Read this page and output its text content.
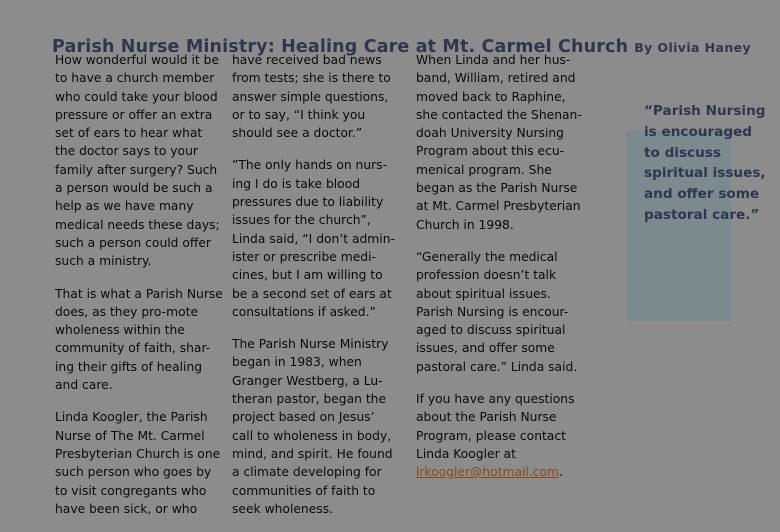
Parish Nurse Ministry: Healing Care at Mt. Carmel Church By Olivia Haney

How wonderful would it be to have a church member who could take your blood pressure or offer an extra set of ears to hear what the doctor says to your family after surgery? Such a person would be such a help as we have many medical needs these days; such a person could offer such a ministry.

That is what a Parish Nurse does, as they pro-mote wholeness within the community of faith, shar-ing their gifts of healing and care.

Linda Koogler, the Parish Nurse of The Mt. Carmel Presbyterian Church is one such person who goes by to visit congregants who have been sick, or who

have received bad news from tests; she is there to answer simple questions, or to say, “I think you should see a doctor.”

”The only hands on nurs-ing I do is take blood pressures due to liability issues for the church”, Linda said, “I don’t admin-ister or prescribe medi-cines, but I am willing to be a second set of ears at consultations if asked.”

The Parish Nurse Ministry began in 1983, when Granger Westberg, a Lu-theran pastor, began the project based on Jesus’ call to wholeness in body, mind, and spirit. He found a climate developing for communities of faith to seek wholeness.

When Linda and her hus-band, William, retired and moved back to Raphine, she contacted the Shenan-doah University Nursing Program about this ecu-menical program. She began as the Parish Nurse at Mt. Carmel Presbyterian Church in 1998.

“Generally the medical profession doesn’t talk about spiritual issues. Parish Nursing is encour-aged to discuss spiritual issues, and offer some pastoral care.” Linda said.

If you have any questions about the Parish Nurse Program, please contact Linda Koogler at lrkoogler@hotmail.com.

“Parish Nursing is encouraged to discuss spiritual issues, and offer some pastoral care.”
